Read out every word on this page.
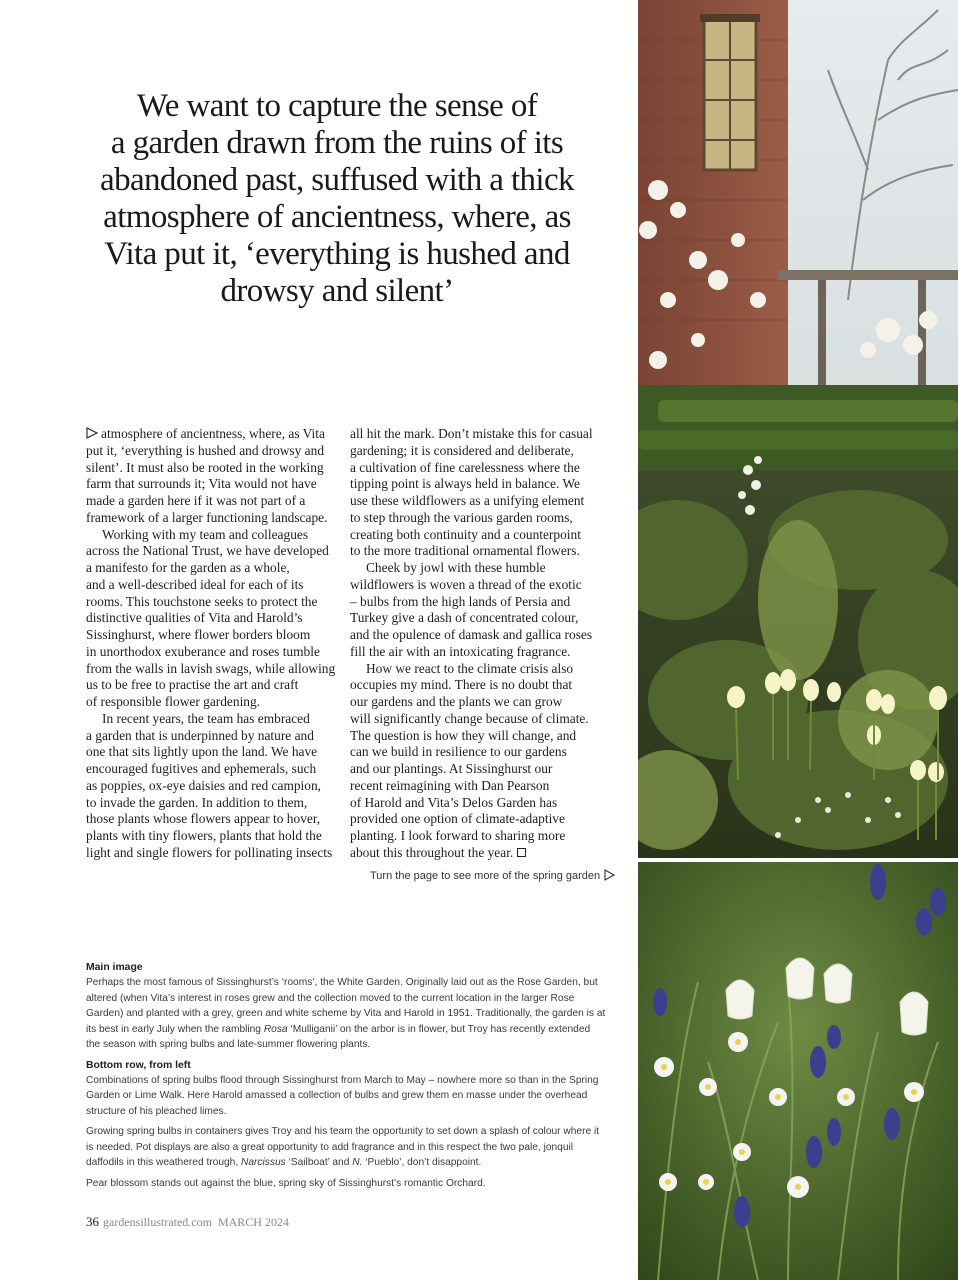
We want to capture the sense of
a garden drawn from the ruins of its
abandoned past, suffused with a thick
atmosphere of ancientness, where, as
Vita put it, ‘everything is hushed and
drowsy and silent’

atmosphere of ancientness, where, as Vita
put it, ‘everything is hushed and drowsy and
silent’. It must also be rooted in the working
farm that surrounds it; Vita would not have
made a garden here if it was not part of a
framework of a larger functioning landscape.

Working with my team and colleagues
across the National Trust, we have developed
a manifesto for the garden as a whole,
and a well-described ideal for each of its
rooms. This touchstone seeks to protect the
distinctive qualities of Vita and Harold’s
Sissinghurst, where flower borders bloom
in unorthodox exuberance and roses tumble
from the walls in lavish swags, while allowing
us to be free to practise the art and craft
of responsible flower gardening.

In recent years, the team has embraced
a garden that is underpinned by nature and
one that sits lightly upon the land. We have
encouraged fugitives and ephemerals, such
as poppies, ox-eye daisies and red campion,
to invade the garden. In addition to them,
those plants whose flowers appear to hover,
plants with tiny flowers, plants that hold the
light and single flowers for pollinating insects

all hit the mark. Don’t mistake this for casual
gardening; it is considered and deliberate,
a cultivation of fine carelessness where the
tipping point is always held in balance. We
use these wildflowers as a unifying element
to step through the various garden rooms,
creating both continuity and a counterpoint
to the more traditional ornamental flowers.

Cheek by jowl with these humble
wildflowers is woven a thread of the exotic
– bulbs from the high lands of Persia and
Turkey give a dash of concentrated colour,
and the opulence of damask and gallica roses
fill the air with an intoxicating fragrance.

How we react to the climate crisis also
occupies my mind. There is no doubt that
our gardens and the plants we can grow
will significantly change because of climate.
The question is how they will change, and
can we build in resilience to our gardens
and our plantings. At Sissinghurst our
recent reimagining with Dan Pearson
of Harold and Vita’s Delos Garden has
provided one option of climate-adaptive
planting. I look forward to sharing more
about this throughout the year.

Turn the page to see more of the spring garden
Main image

Perhaps the most famous of Sissinghurst’s ‘rooms’, the White Garden. Originally laid out as the Rose Garden, but altered (when Vita’s interest in roses grew and the collection moved to the current location in the larger Rose Garden) and planted with a grey, green and white scheme by Vita and Harold in 1951. Traditionally, the garden is at its best in early July when the rambling Rosa ‘Mulliganii’ on the arbor is in flower, but Troy has recently extended the season with spring bulbs and late-summer flowering plants.

Bottom row, from left

Combinations of spring bulbs flood through Sissinghurst from March to May – nowhere more so than in the Spring Garden or Lime Walk. Here Harold amassed a collection of bulbs and grew them en masse under the overhead structure of his pleached limes.

Growing spring bulbs in containers gives Troy and his team the opportunity to set down a splash of colour where it is needed. Pot displays are also a great opportunity to add fragrance and in this respect the two pale, jonquil daffodils in this weathered trough, Narcissus ‘Sailboat’ and N. ‘Pueblo’, don’t disappoint.

Pear blossom stands out against the blue, spring sky of Sissinghurst’s romantic Orchard.

36 gardensillustrated.com  MARCH 2024
